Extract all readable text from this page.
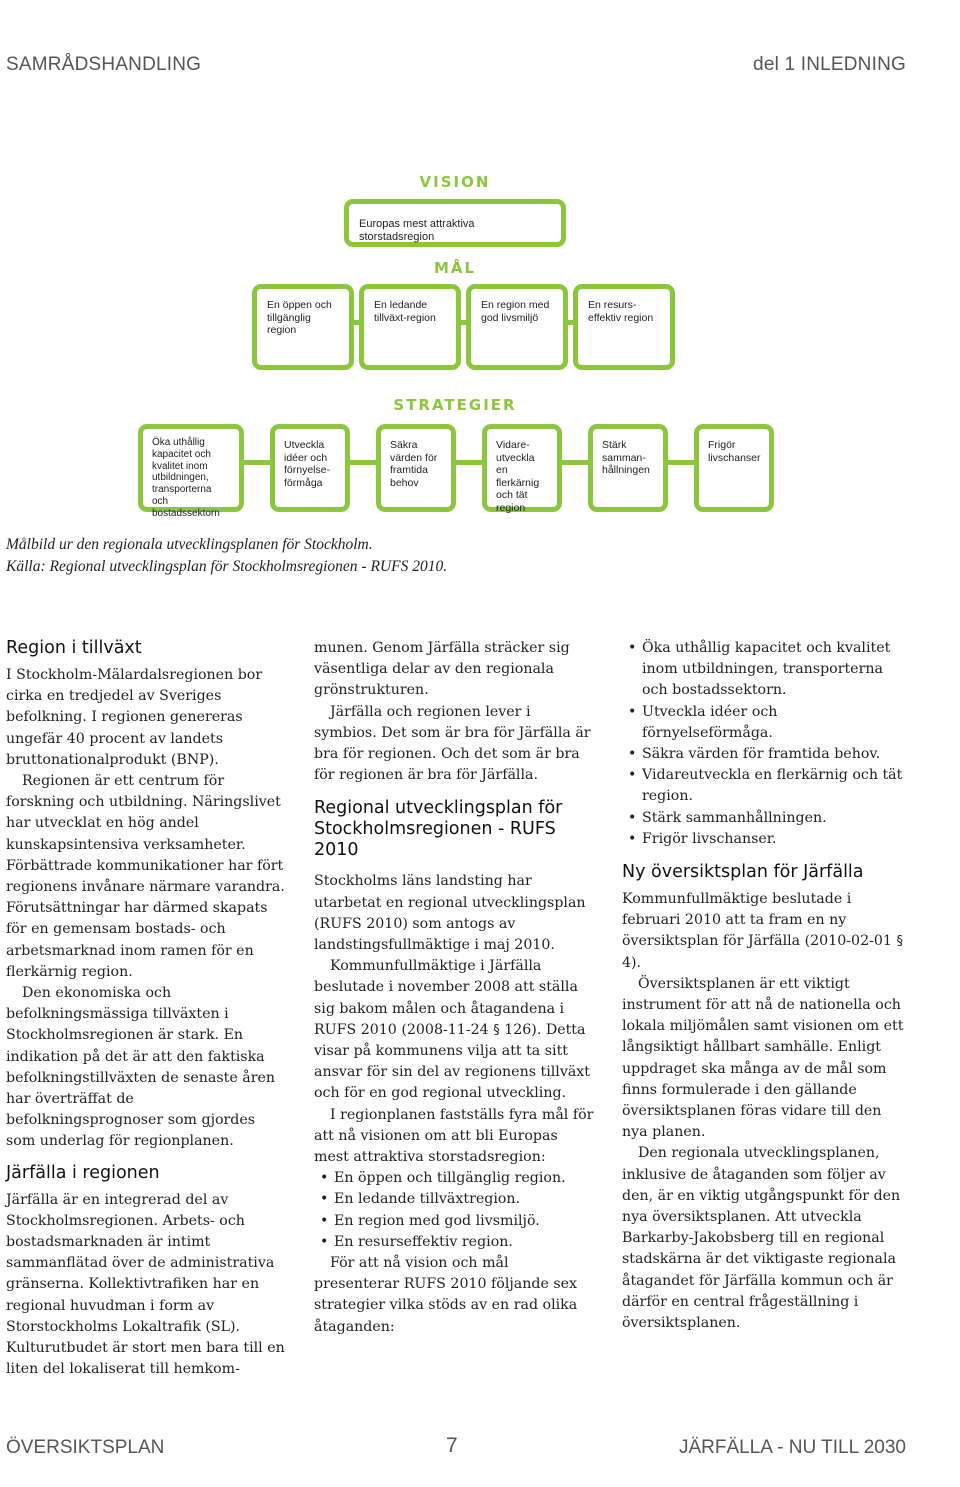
SAMRÅDSHANDLING	del 1 INLEDNING
VISION
Europas mest attraktiva storstadsregion
MÅL
En öppen och tillgänglig region
En ledande tillväxt-region
En region med god livsmiljö
En resurs-effektiv region
STRATEGIER
Öka uthållig kapacitet och kvalitet inom utbildningen, transporterna och bostadssektorn
Utveckla idéer och förnyelse-förmåga
Säkra värden för framtida behov
Vidare-utveckla en flerkärnig och tät region
Stärk samman-hållningen
Frigör livschanser
Målbild ur den regionala utvecklingsplanen för Stockholm.
Källa: Regional utvecklingsplan för Stockholmsregionen - RUFS 2010.
Region i tillväxt

I Stockholm-Mälardalsregionen bor cirka en tredjedel av Sveriges befolkning. I regionen genereras ungefär 40 procent av landets bruttonationalprodukt (BNP).

Regionen är ett centrum för forskning och utbildning. Näringslivet har utvecklat en hög andel kunskapsintensiva verksamheter. Förbättrade kommunikationer har fört regionens invånare närmare varandra. Förutsättningar har därmed skapats för en gemensam bostads- och arbetsmarknad inom ramen för en flerkärnig region.

Den ekonomiska och befolkningsmässiga tillväxten i Stockholmsregionen är stark. En indikation på det är att den faktiska befolkningstillväxten de senaste åren har överträffat de befolkningsprognoser som gjordes som underlag för regionplanen.

Järfälla i regionen

Järfälla är en integrerad del av Stockholmsregionen. Arbets- och bostadsmarknaden är intimt sammanflätad över de administrativa gränserna. Kollektivtrafiken har en regional huvudman i form av Storstockholms Lokaltrafik (SL). Kulturutbudet är stort men bara till en liten del lokaliserat till hemkom-

munen. Genom Järfälla sträcker sig väsentliga delar av den regionala grönstrukturen.

Järfälla och regionen lever i symbios. Det som är bra för Järfälla är bra för regionen. Och det som är bra för regionen är bra för Järfälla.

Regional utvecklingsplan för Stockholmsregionen - RUFS 2010

Stockholms läns landsting har utarbetat en regional utvecklingsplan (RUFS 2010) som antogs av landstingsfullmäktige i maj 2010.

Kommunfullmäktige i Järfälla beslutade i november 2008 att ställa sig bakom målen och åtagandena i RUFS 2010 (2008-11-24 § 126). Detta visar på kommunens vilja att ta sitt ansvar för sin del av regionens tillväxt och för en god regional utveckling.

I regionplanen fastställs fyra mål för att nå visionen om att bli Europas mest attraktiva storstadsregion:

• En öppen och tillgänglig region.
• En ledande tillväxtregion.
• En region med god livsmiljö.
• En resurseffektiv region.

För att nå vision och mål presenterar RUFS 2010 följande sex strategier vilka stöds av en rad olika åtaganden:

• Öka uthållig kapacitet och kvalitet inom utbildningen, transporterna och bostadssektorn.
• Utveckla idéer och förnyelseförmåga.
• Säkra värden för framtida behov.
• Vidareutveckla en flerkärnig och tät region.
• Stärk sammanhållningen.
• Frigör livschanser.
Ny översiktsplan för Järfälla

Kommunfullmäktige beslutade i februari 2010 att ta fram en ny översiktsplan för Järfälla (2010-02-01 § 4).

Översiktsplanen är ett viktigt instrument för att nå de nationella och lokala miljömålen samt visionen om ett långsiktigt hållbart samhälle. Enligt uppdraget ska många av de mål som finns formulerade i den gällande översiktsplanen föras vidare till den nya planen.

Den regionala utvecklingsplanen, inklusive de åtaganden som följer av den, är en viktig utgångspunkt för den nya översiktsplanen. Att utveckla Barkarby-Jakobsberg till en regional stadskärna är det viktigaste regionala åtagandet för Järfälla kommun och är därför en central frågeställning i översiktsplanen.

ÖVERSIKTSPLAN	7	JÄRFÄLLA - NU TILL 2030
